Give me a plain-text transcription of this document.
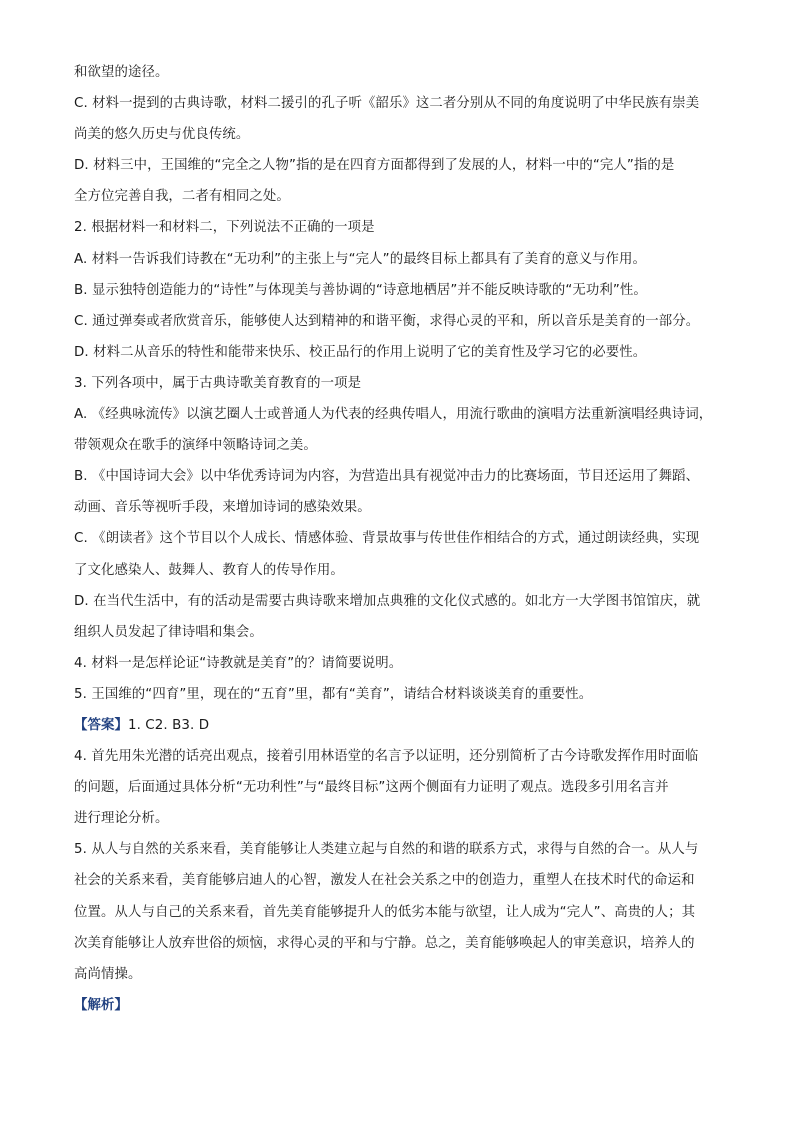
和欲望的途径。
C. 材料一提到的古典诗歌，材料二援引的孔子听《韶乐》这二者分别从不同的角度说明了中华民族有崇美
尚美的悠久历史与优良传统。
D. 材料三中，王国维的“完全之人物”指的是在四育方面都得到了发展的人，材料一中的“完人”指的是
全方位完善自我，二者有相同之处。
2. 根据材料一和材料二，下列说法不正确的一项是
A. 材料一告诉我们诗教在“无功利”的主张上与“完人”的最终目标上都具有了美育的意义与作用。
B. 显示独特创造能力的“诗性”与体现美与善协调的“诗意地栖居”并不能反映诗歌的“无功利”性。
C. 通过弹奏或者欣赏音乐，能够使人达到精神的和谐平衡，求得心灵的平和，所以音乐是美育的一部分。
D. 材料二从音乐的特性和能带来快乐、校正品行的作用上说明了它的美育性及学习它的必要性。
3. 下列各项中，属于古典诗歌美育教育的一项是
A. 《经典咏流传》以演艺圈人士或普通人为代表的经典传唱人，用流行歌曲的演唱方法重新演唱经典诗词，
带领观众在歌手的演绎中领略诗词之美。
B. 《中国诗词大会》以中华优秀诗词为内容，为营造出具有视觉冲击力的比赛场面，节目还运用了舞蹈、
动画、音乐等视听手段，来增加诗词的感染效果。
C. 《朗读者》这个节目以个人成长、情感体验、背景故事与传世佳作相结合的方式，通过朗读经典，实现
了文化感染人、鼓舞人、教育人的传导作用。
D. 在当代生活中，有的活动是需要古典诗歌来增加点典雅的文化仪式感的。如北方一大学图书馆馆庆，就
组织人员发起了律诗唱和集会。
4. 材料一是怎样论证“诗教就是美育”的？请简要说明。
5. 王国维的“四育”里，现在的“五育”里，都有“美育”，请结合材料谈谈美育的重要性。
【答案】1. C2. B3. D
4. 首先用朱光潜的话亮出观点，接着引用林语堂的名言予以证明，还分别简析了古今诗歌发挥作用时面临
的问题，后面通过具体分析“无功利性”与“最终目标”这两个侧面有力证明了观点。选段多引用名言并
进行理论分析。
5. 从人与自然的关系来看，美育能够让人类建立起与自然的和谐的联系方式，求得与自然的合一。从人与
社会的关系来看，美育能够启迪人的心智，激发人在社会关系之中的创造力，重塑人在技术时代的命运和
位置。从人与自己的关系来看，首先美育能够提升人的低劣本能与欲望，让人成为“完人”、高贵的人；其
次美育能够让人放弃世俗的烦恼，求得心灵的平和与宁静。总之，美育能够唤起人的审美意识，培养人的
高尚情操。
【解析】
